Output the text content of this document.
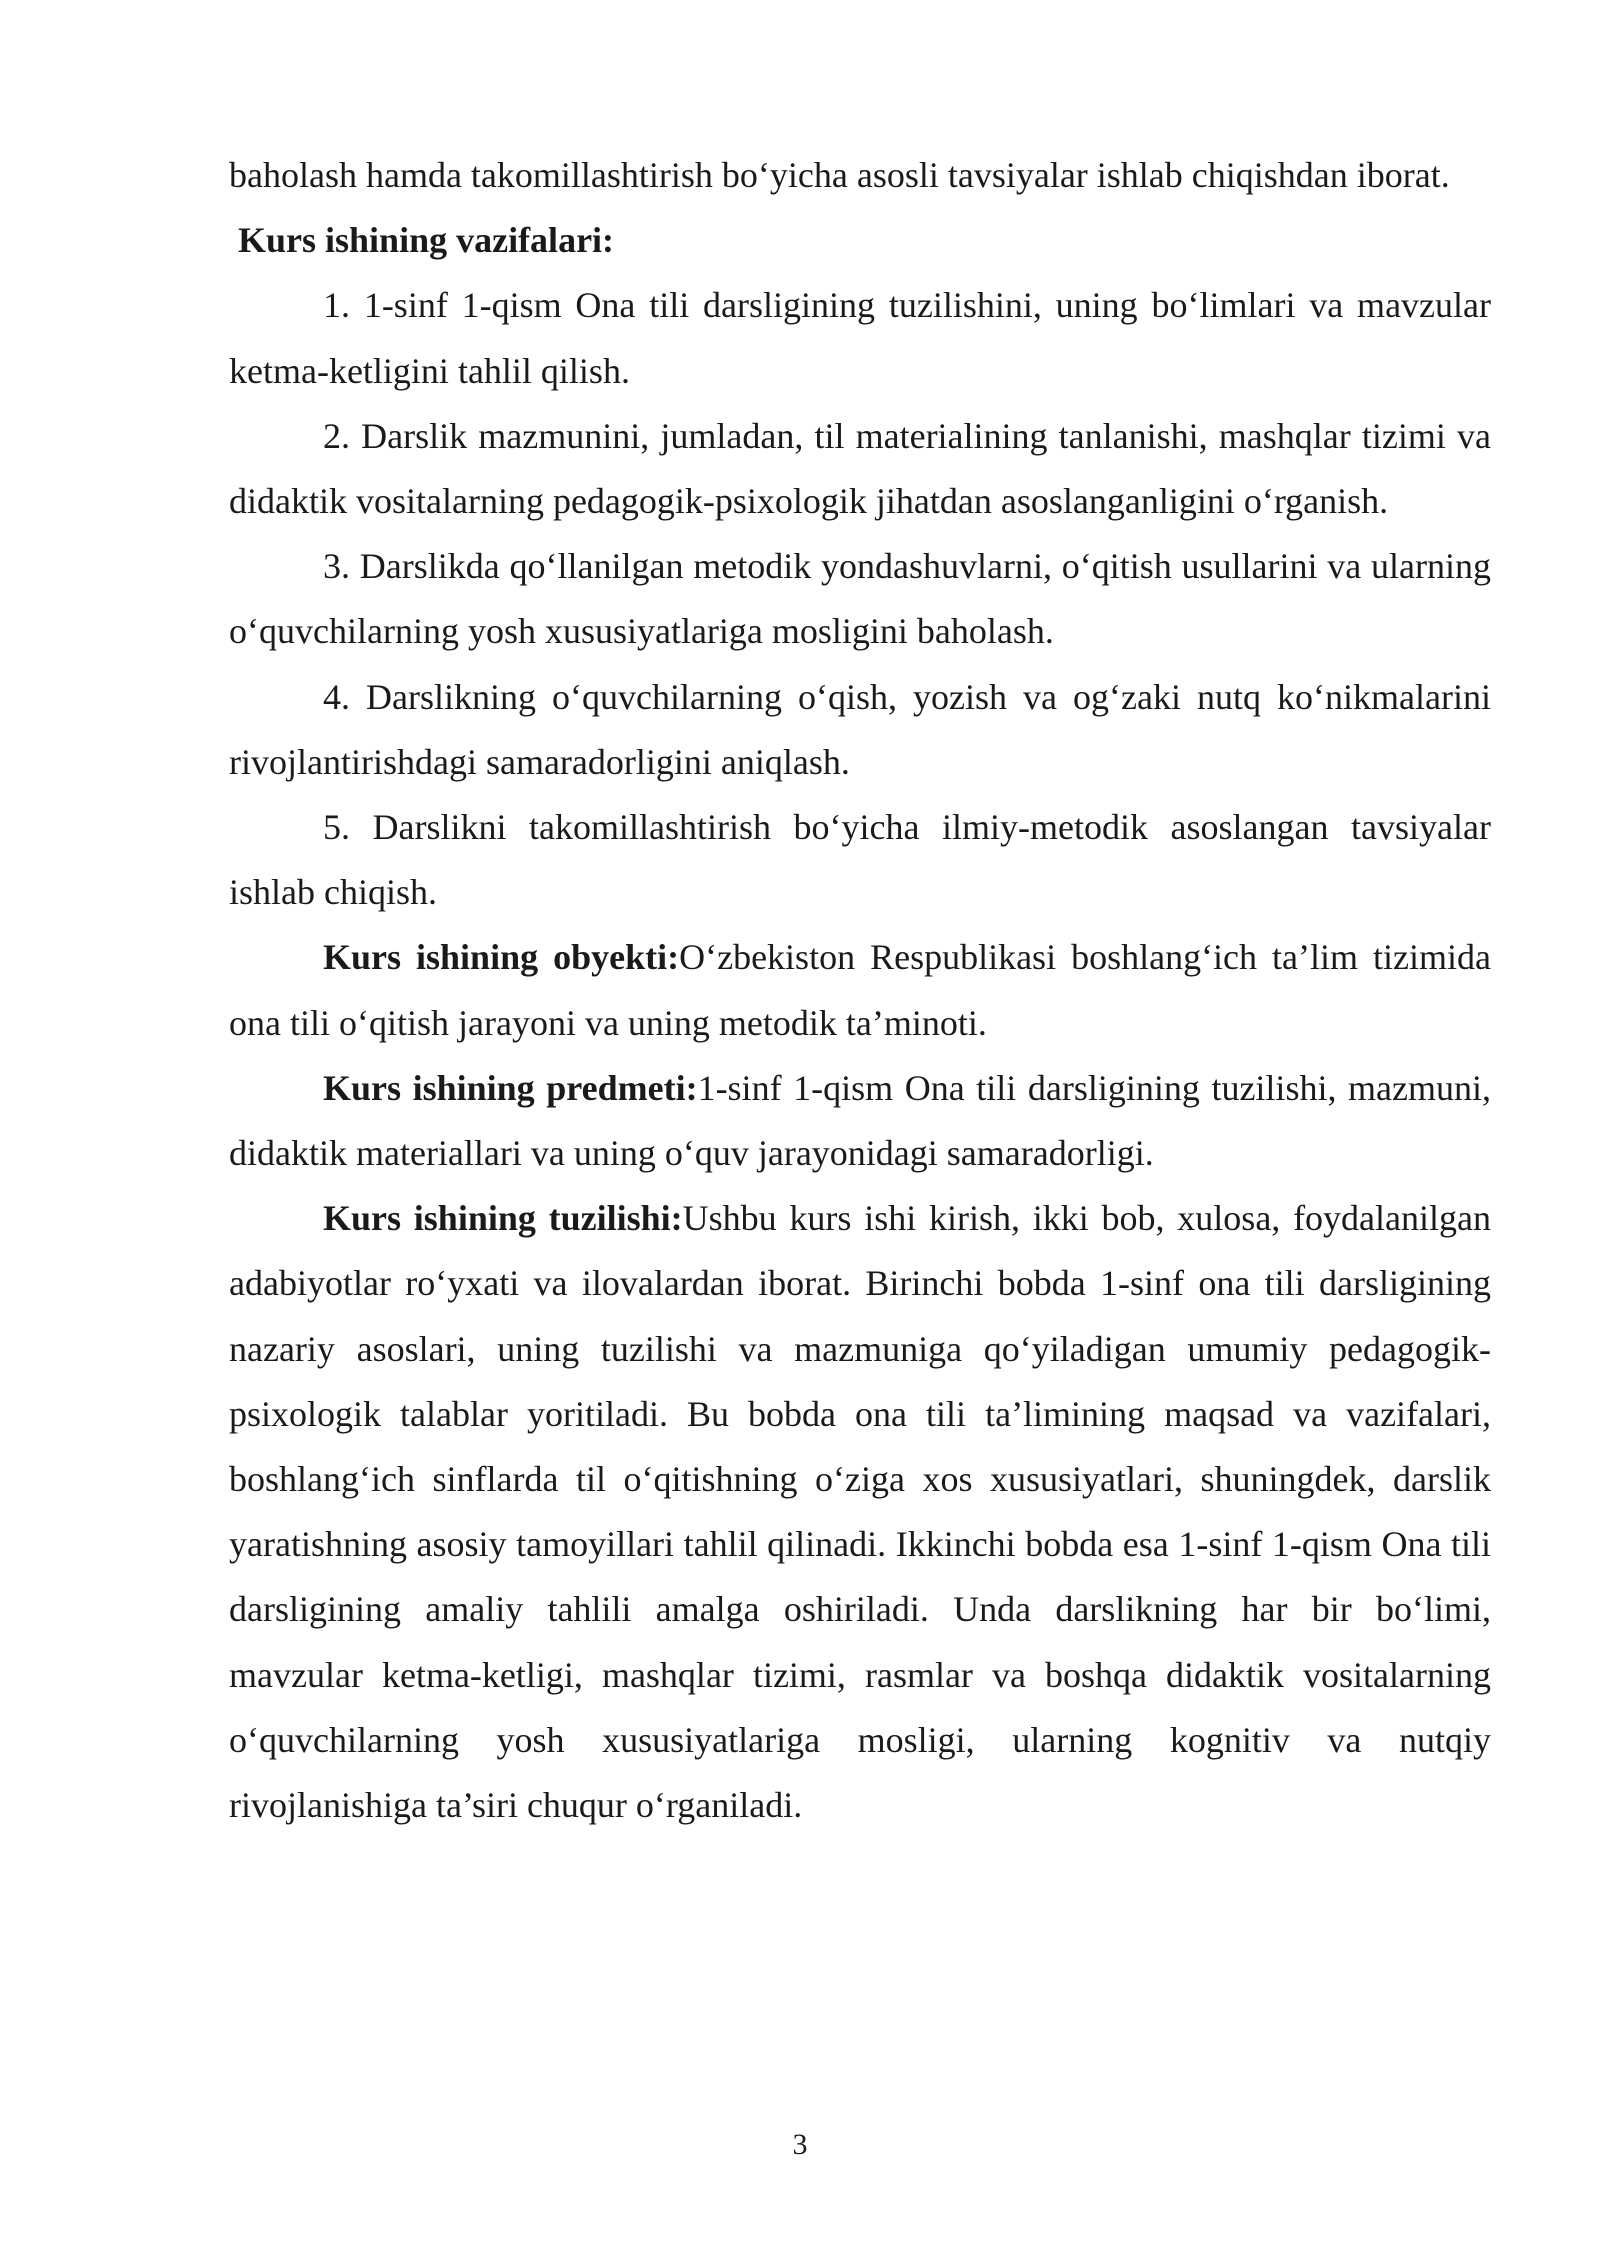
baholash hamda takomillashtirish bo‘yicha asosli tavsiyalar ishlab chiqishdan iborat.

Kurs ishining vazifalari:

1. 1-sinf 1-qism Ona tili darsligining tuzilishini, uning bo‘limlari va mavzular ketma-ketligini tahlil qilish.

2. Darslik mazmunini, jumladan, til materialining tanlanishi, mashqlar tizimi va didaktik vositalarning pedagogik-psixologik jihatdan asoslanganligini o‘rganish.

3. Darslikda qo‘llanilgan metodik yondashuvlarni, o‘qitish usullarini va ularning o‘quvchilarning yosh xususiyatlariga mosligini baholash.

4. Darslikning o‘quvchilarning o‘qish, yozish va og‘zaki nutq ko‘nikmalarini rivojlantirishdagi samaradorligini aniqlash.

5. Darslikni takomillashtirish bo‘yicha ilmiy-metodik asoslangan tavsiyalar ishlab chiqish.

Kurs ishining obyekti:O‘zbekiston Respublikasi boshlang‘ich ta’lim tizimida ona tili o‘qitish jarayoni va uning metodik ta’minoti.

Kurs ishining predmeti:1-sinf 1-qism Ona tili darsligining tuzilishi, mazmuni, didaktik materiallari va uning o‘quv jarayonidagi samaradorligi.

Kurs ishining tuzilishi:Ushbu kurs ishi kirish, ikki bob, xulosa, foydalanilgan adabiyotlar ro‘yxati va ilovalardan iborat. Birinchi bobda 1-sinf ona tili darsligining nazariy asoslari, uning tuzilishi va mazmuniga qo‘yiladigan umumiy pedagogik-psixologik talablar yoritiladi. Bu bobda ona tili ta’limining maqsad va vazifalari, boshlang‘ich sinflarda til o‘qitishning o‘ziga xos xususiyatlari, shuningdek, darslik yaratishning asosiy tamoyillari tahlil qilinadi. Ikkinchi bobda esa 1-sinf 1-qism Ona tili darsligining amaliy tahlili amalga oshiriladi. Unda darslikning har bir bo‘limi, mavzular ketma-ketligi, mashqlar tizimi, rasmlar va boshqa didaktik vositalarning o‘quvchilarning yosh xususiyatlariga mosligi, ularning kognitiv va nutqiy rivojlanishiga ta’siri chuqur o‘rganiladi.

3
